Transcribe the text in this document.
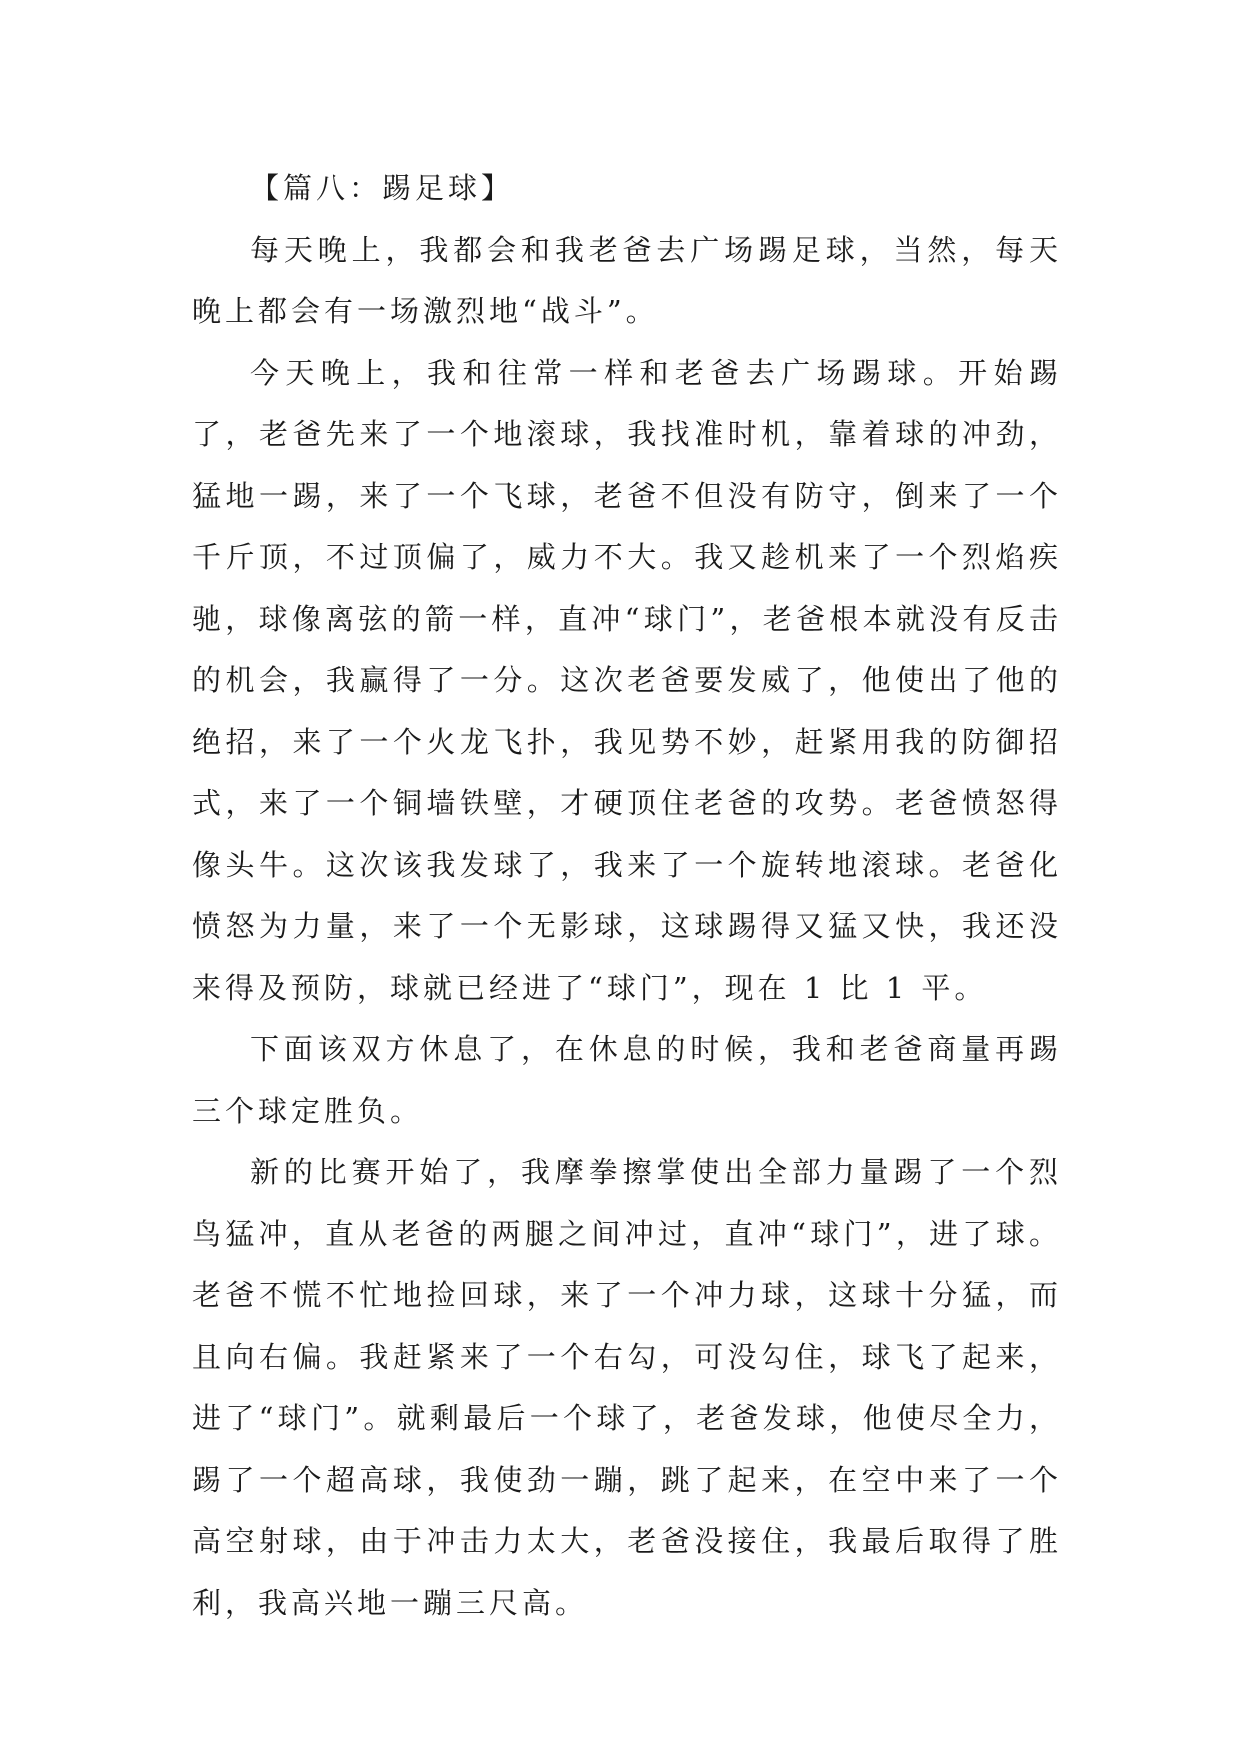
【篇八：踢足球】

每天晚上，我都会和我老爸去广场踢足球，当然，每天晚上都会有一场激烈地“战斗”。

今天晚上，我和往常一样和老爸去广场踢球。开始踢了，老爸先来了一个地滚球，我找准时机，靠着球的冲劲，猛地一踢，来了一个飞球，老爸不但没有防守，倒来了一个千斤顶，不过顶偏了，威力不大。我又趁机来了一个烈焰疾驰，球像离弦的箭一样，直冲“球门”，老爸根本就没有反击的机会，我赢得了一分。这次老爸要发威了，他使出了他的绝招，来了一个火龙飞扑，我见势不妙，赶紧用我的防御招式，来了一个铜墙铁壁，才硬顶住老爸的攻势。老爸愤怒得像头牛。这次该我发球了，我来了一个旋转地滚球。老爸化愤怒为力量，来了一个无影球，这球踢得又猛又快，我还没来得及预防，球就已经进了“球门”，现在 1 比 1 平。

下面该双方休息了，在休息的时候，我和老爸商量再踢三个球定胜负。

新的比赛开始了，我摩拳擦掌使出全部力量踢了一个烈鸟猛冲，直从老爸的两腿之间冲过，直冲“球门”，进了球。老爸不慌不忙地捡回球，来了一个冲力球，这球十分猛，而且向右偏。我赶紧来了一个右勾，可没勾住，球飞了起来，进了“球门”。就剩最后一个球了，老爸发球，他使尽全力，踢了一个超高球，我使劲一蹦，跳了起来，在空中来了一个高空射球，由于冲击力太大，老爸没接住，我最后取得了胜利，我高兴地一蹦三尺高。
